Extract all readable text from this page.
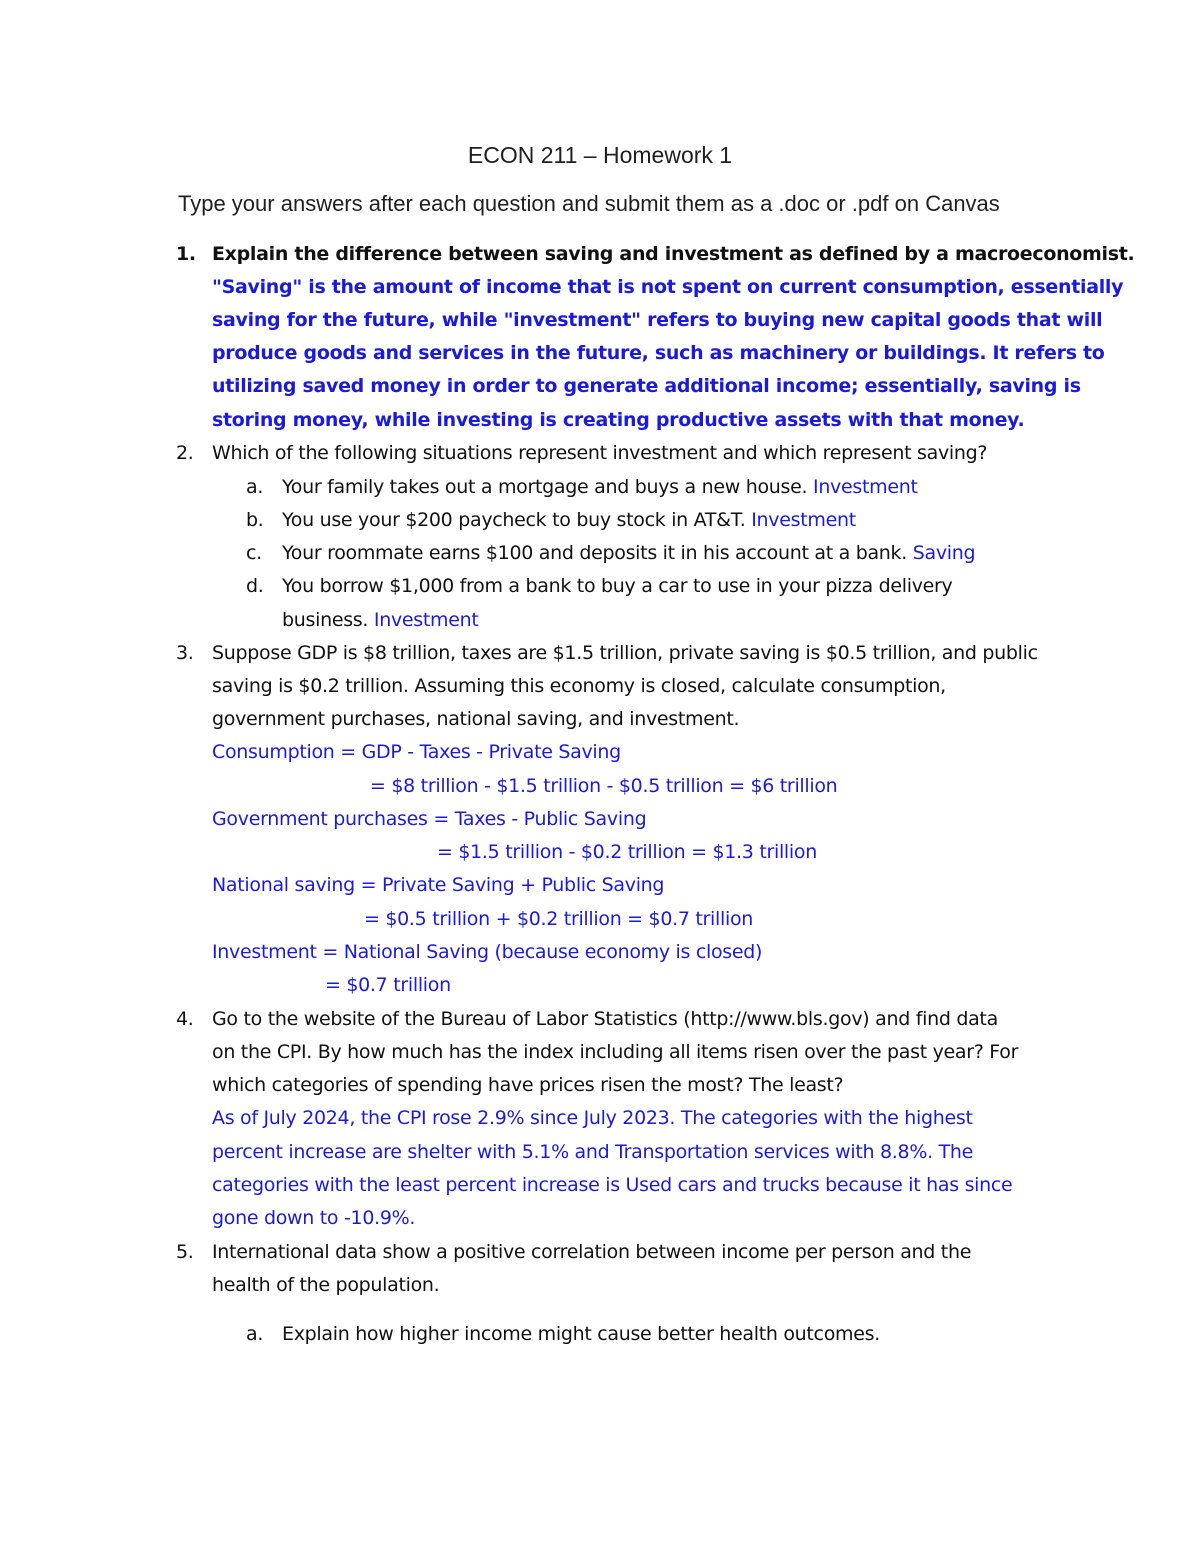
ECON 211 – Homework 1
Type your answers after each question and submit them as a .doc or .pdf on Canvas
1. Explain the difference between saving and investment as defined by a macroeconomist.
"Saving" is the amount of income that is not spent on current consumption, essentially
saving for the future, while "investment" refers to buying new capital goods that will
produce goods and services in the future, such as machinery or buildings. It refers to
utilizing saved money in order to generate additional income; essentially, saving is
storing money, while investing is creating productive assets with that money.
2. Which of the following situations represent investment and which represent saving?
a. Your family takes out a mortgage and buys a new house. Investment
b. You use your $200 paycheck to buy stock in AT&T. Investment
c.	Your roommate earns $100 and deposits it in his account at a bank. Saving
d. You borrow $1,000 from a bank to buy a car to use in your pizza delivery
business. Investment
3. Suppose GDP is $8 trillion, taxes are $1.5 trillion, private saving is $0.5 trillion, and public
saving is $0.2 trillion. Assuming this economy is closed, calculate consumption,
government purchases, national saving, and investment.
Consumption = GDP - Taxes - Private Saving
= $8 trillion - $1.5 trillion - $0.5 trillion = $6 trillion
Government purchases = Taxes - Public Saving
= $1.5 trillion - $0.2 trillion = $1.3 trillion
National saving = Private Saving + Public Saving
= $0.5 trillion + $0.2 trillion = $0.7 trillion
Investment = National Saving (because economy is closed)
= $0.7 trillion
4. Go to the website of the Bureau of Labor Statistics (http://www.bls.gov) and find data
on the CPI. By how much has the index including all items risen over the past year? For
which categories of spending have prices risen the most? The least?
As of July 2024, the CPI rose 2.9% since July 2023. The categories with the highest
percent increase are shelter with 5.1% and Transportation services with 8.8%. The
categories with the least percent increase is Used cars and trucks because it has since
gone down to -10.9%.
5. International data show a positive correlation between income per person and the
health of the population.
a. Explain how higher income might cause better health outcomes.
